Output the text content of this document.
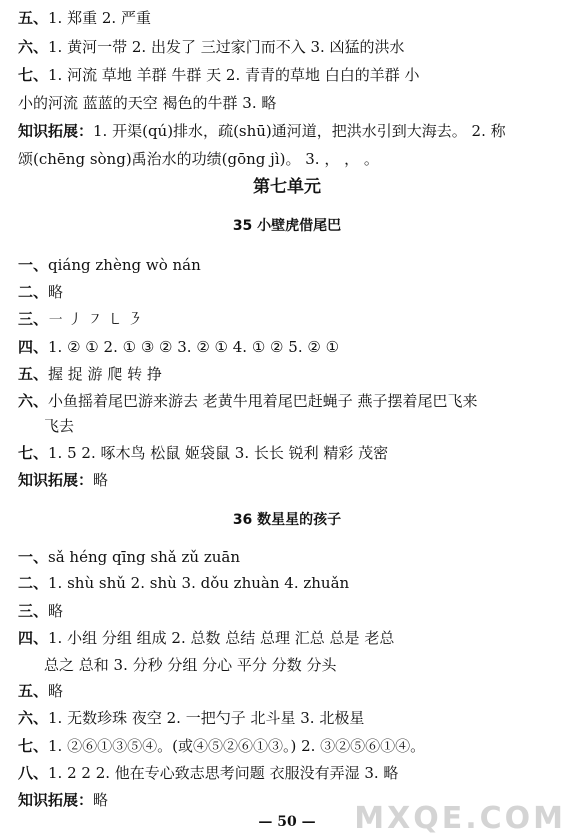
五、1. 郑重 2. 严重
六、1. 黄河一带 2. 出发了 三过家门而不入 3. 凶猛的洪水
七、1. 河流 草地 羊群 牛群 天 2. 青青的草地 白白的羊群 小
小的河流 蓝蓝的天空 褐色的牛群 3. 略
知识拓展：1. 开渠(qú)排水，疏(shū)通河道，把洪水引到大海去。 2. 称
颂(chēng sòng)禹治水的功绩(gōng jì)。 3. ， ， 。
第七单元
35 小壁虎借尾巴
一、qiáng zhèng wò nán
二、略
三、㇐ ㇓ ㇇ ㇄ ㇋
四、1. ② ① 2. ① ③ ② 3. ② ① 4. ① ② 5. ② ①
五、握 捉 游 爬 转 挣
六、小鱼摇着尾巴游来游去 老黄牛甩着尾巴赶蝇子 燕子摆着尾巴飞来
飞去
七、1. 5 2. 啄木鸟 松鼠 姬袋鼠 3. 长长 锐利 精彩 茂密
知识拓展：略
36 数星星的孩子
一、sǎ héng qīng shǎ zǔ zuān
二、1. shù shǔ 2. shù 3. dǒu zhuàn 4. zhuǎn
三、略
四、1. 小组 分组 组成 2. 总数 总结 总理 汇总 总是 老总
总之 总和 3. 分秒 分组 分心 平分 分数 分头
五、略
六、1. 无数珍珠 夜空 2. 一把勺子 北斗星 3. 北极星
七、1. ②⑥①③⑤④。(或④⑤②⑥①③。) 2. ③②⑤⑥①④。
八、1. 2 2 2. 他在专心致志思考问题 衣服没有弄湿 3. 略
知识拓展：略
— 50 —	MXQE.COM
